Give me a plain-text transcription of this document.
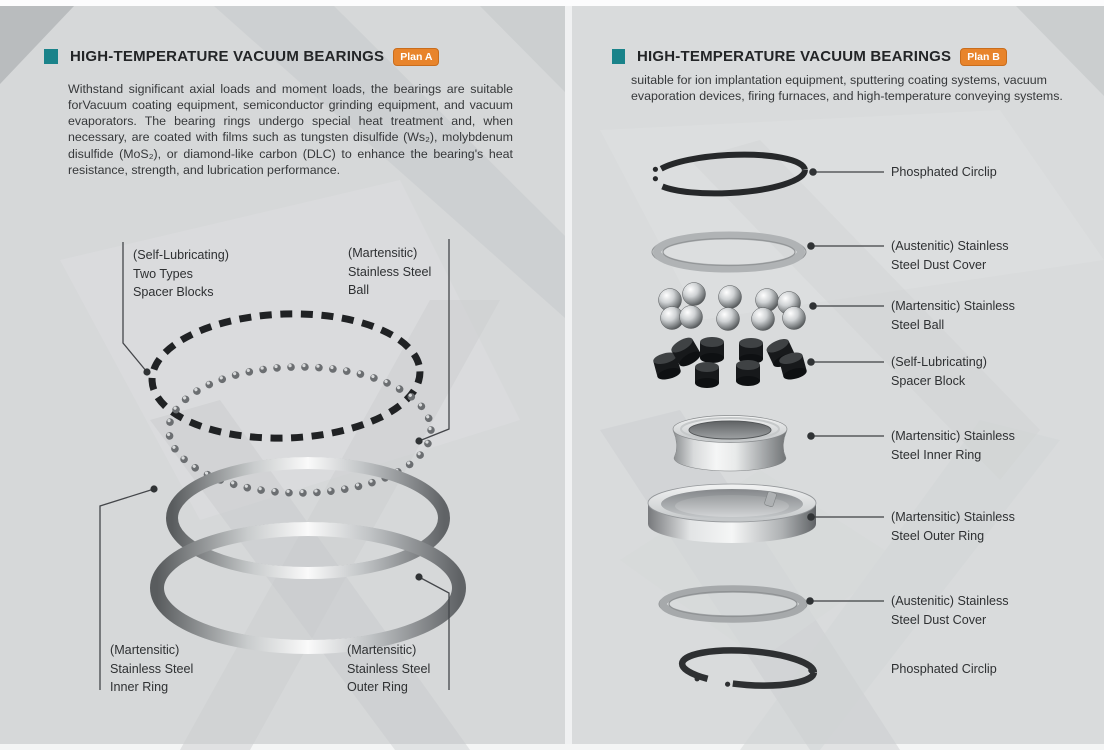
HIGH-TEMPERATURE VACUUM BEARINGS	Plan A
Withstand significant axial loads and moment loads, the bearings are suitable forVacuum coating equipment, semiconductor grinding equipment, and vacuum evaporators. The bearing rings undergo special heat treatment and, when necessary, are coated with films such as tungsten disulfide (Ws₂), molybdenum disulfide (MoS₂), or diamond-like carbon (DLC) to enhance the bearing's heat resistance, strength, and lubrication performance.
(Self-Lubricating)
Two Types
Spacer Blocks
(Martensitic)
Stainless Steel
Ball
(Martensitic)
Stainless Steel
Inner Ring
(Martensitic)
Stainless Steel
Outer Ring
HIGH-TEMPERATURE VACUUM BEARINGS	Plan B
suitable for ion implantation equipment, sputtering coating systems, vacuum evaporation devices, firing furnaces, and high-temperature conveying systems.
Phosphated Circlip
(Austenitic) Stainless
Steel Dust Cover
(Martensitic) Stainless
Steel Ball
(Self-Lubricating)
Spacer Block
(Martensitic) Stainless
Steel Inner Ring
(Martensitic) Stainless
Steel Outer Ring
(Austenitic) Stainless
Steel Dust Cover
Phosphated Circlip
